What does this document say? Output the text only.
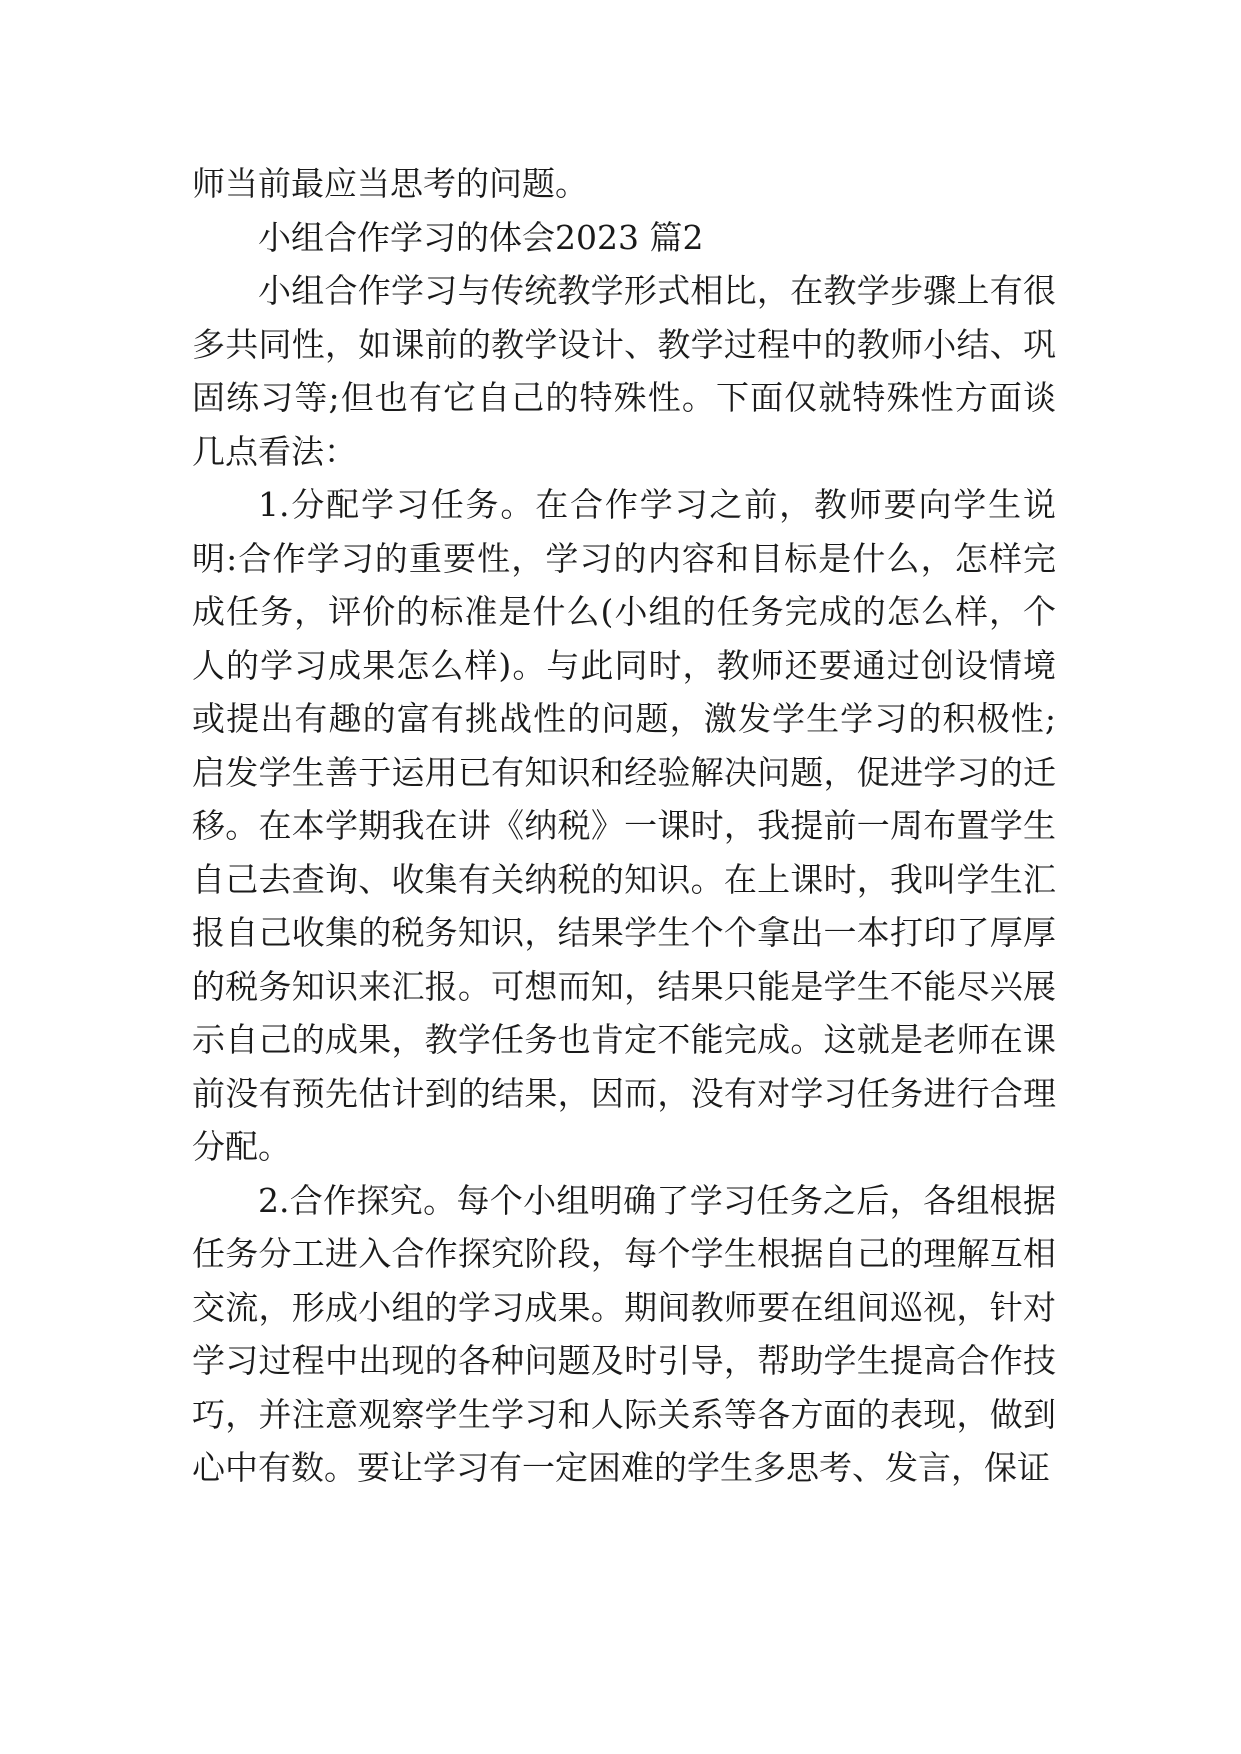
师当前最应当思考的问题。

小组合作学习的体会2023 篇2

小组合作学习与传统教学形式相比，在教学步骤上有很多共同性，如课前的教学设计、教学过程中的教师小结、巩固练习等;但也有它自己的特殊性。下面仅就特殊性方面谈几点看法：

1.分配学习任务。在合作学习之前，教师要向学生说明:合作学习的重要性，学习的内容和目标是什么，怎样完成任务，评价的标准是什么(小组的任务完成的怎么样，个人的学习成果怎么样)。与此同时，教师还要通过创设情境或提出有趣的富有挑战性的问题，激发学生学习的积极性;启发学生善于运用已有知识和经验解决问题，促进学习的迁移。在本学期我在讲《纳税》一课时，我提前一周布置学生自己去查询、收集有关纳税的知识。在上课时，我叫学生汇报自己收集的税务知识，结果学生个个拿出一本打印了厚厚的税务知识来汇报。可想而知，结果只能是学生不能尽兴展示自己的成果，教学任务也肯定不能完成。这就是老师在课前没有预先估计到的结果，因而，没有对学习任务进行合理分配。

2.合作探究。每个小组明确了学习任务之后，各组根据任务分工进入合作探究阶段，每个学生根据自己的理解互相交流，形成小组的学习成果。期间教师要在组间巡视，针对学习过程中出现的各种问题及时引导，帮助学生提高合作技巧，并注意观察学生学习和人际关系等各方面的表现，做到心中有数。要让学习有一定困难的学生多思考、发言，保证
